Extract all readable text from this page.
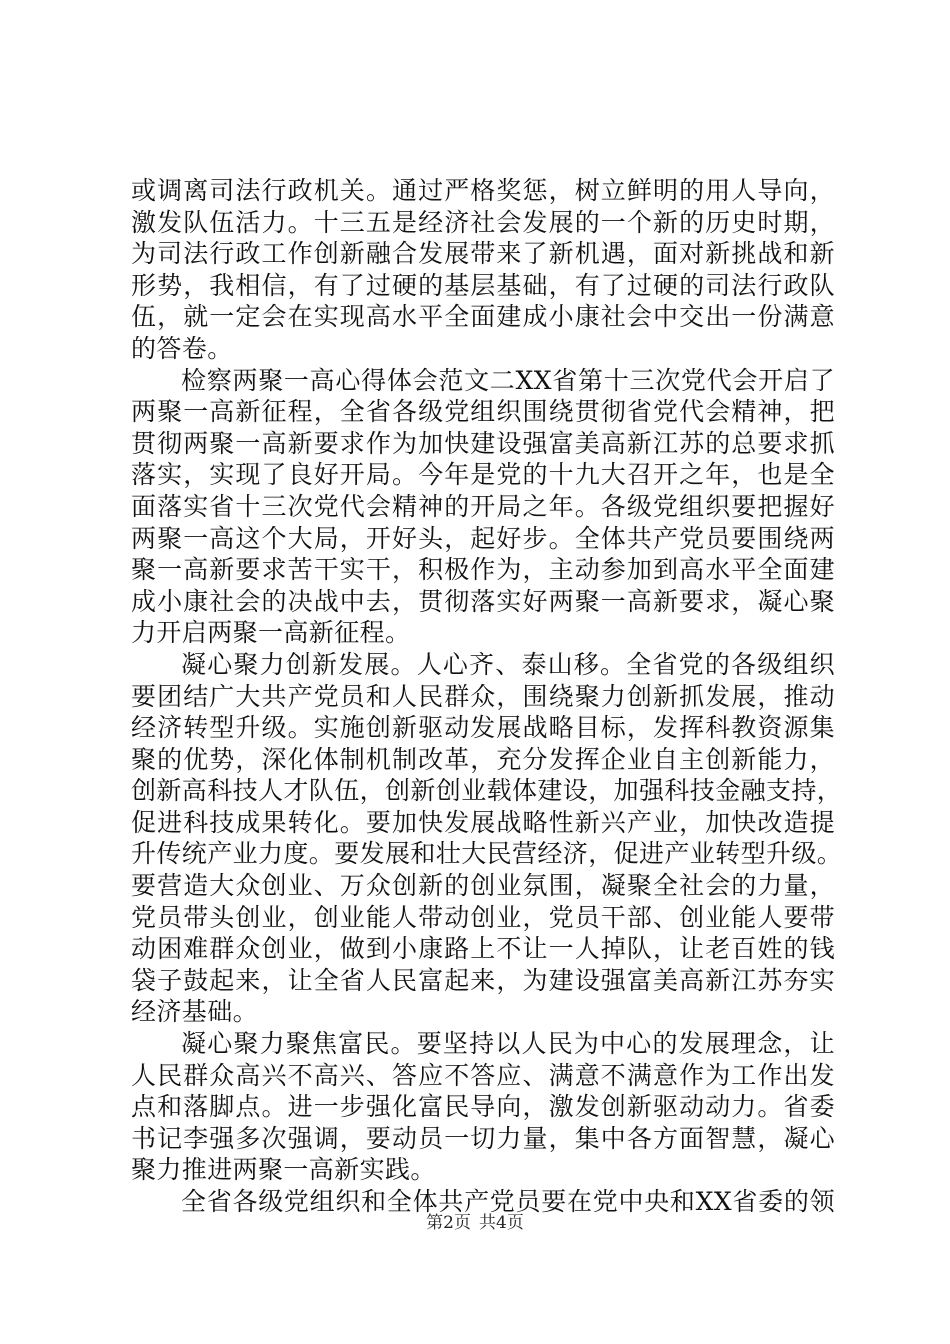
或调离司法行政机关。通过严格奖惩，树立鲜明的用人导向，
激发队伍活力。十三五是经济社会发展的一个新的历史时期，
为司法行政工作创新融合发展带来了新机遇，面对新挑战和新
形势，我相信，有了过硬的基层基础，有了过硬的司法行政队
伍，就一定会在实现高水平全面建成小康社会中交出一份满意
的答卷。
检察两聚一高心得体会范文二XX省第十三次党代会开启了
两聚一高新征程，全省各级党组织围绕贯彻省党代会精神，把
贯彻两聚一高新要求作为加快建设强富美高新江苏的总要求抓
落实，实现了良好开局。今年是党的十九大召开之年，也是全
面落实省十三次党代会精神的开局之年。各级党组织要把握好
两聚一高这个大局，开好头，起好步。全体共产党员要围绕两
聚一高新要求苦干实干，积极作为，主动参加到高水平全面建
成小康社会的决战中去，贯彻落实好两聚一高新要求，凝心聚
力开启两聚一高新征程。
凝心聚力创新发展。人心齐、泰山移。全省党的各级组织
要团结广大共产党员和人民群众，围绕聚力创新抓发展，推动
经济转型升级。实施创新驱动发展战略目标，发挥科教资源集
聚的优势，深化体制机制改革，充分发挥企业自主创新能力，
创新高科技人才队伍，创新创业载体建设，加强科技金融支持，
促进科技成果转化。要加快发展战略性新兴产业，加快改造提
升传统产业力度。要发展和壮大民营经济，促进产业转型升级。
要营造大众创业、万众创新的创业氛围，凝聚全社会的力量，
党员带头创业，创业能人带动创业，党员干部、创业能人要带
动困难群众创业，做到小康路上不让一人掉队，让老百姓的钱
袋子鼓起来，让全省人民富起来，为建设强富美高新江苏夯实
经济基础。
凝心聚力聚焦富民。要坚持以人民为中心的发展理念，让
人民群众高兴不高兴、答应不答应、满意不满意作为工作出发
点和落脚点。进一步强化富民导向，激发创新驱动动力。省委
书记李强多次强调，要动员一切力量，集中各方面智慧，凝心
聚力推进两聚一高新实践。
全省各级党组织和全体共产党员要在党中央和XX省委的领
第2页 共4页
